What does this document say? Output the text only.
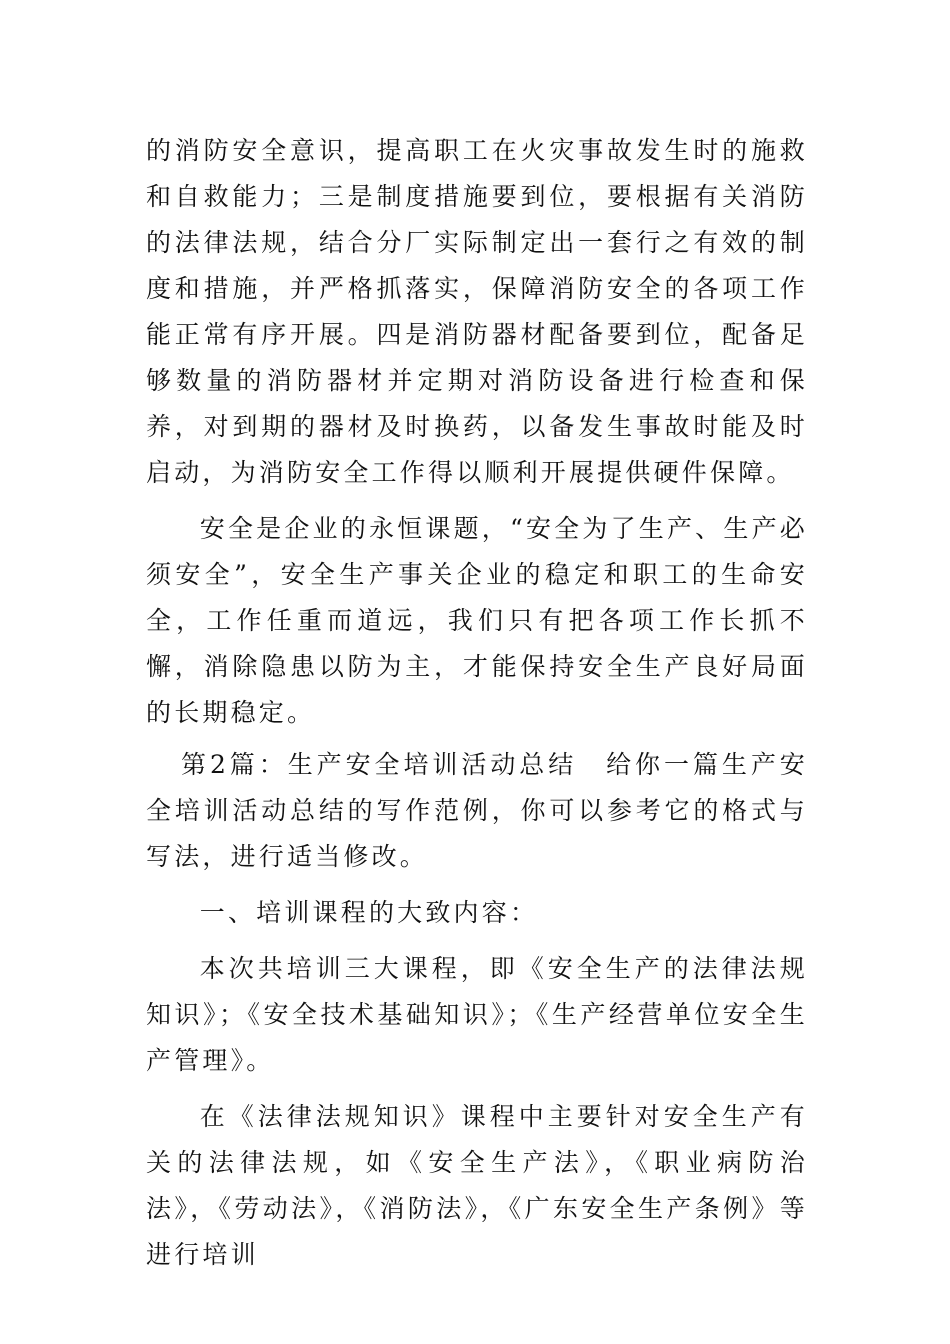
的消防安全意识，提高职工在火灾事故发生时的施救和自救能力；三是制度措施要到位，要根据有关消防的法律法规，结合分厂实际制定出一套行之有效的制度和措施，并严格抓落实，保障消防安全的各项工作能正常有序开展。四是消防器材配备要到位，配备足够数量的消防器材并定期对消防设备进行检查和保养，对到期的器材及时换药，以备发生事故时能及时启动，为消防安全工作得以顺利开展提供硬件保障。

安全是企业的永恒课题，“安全为了生产、生产必须安全”，安全生产事关企业的稳定和职工的生命安全，工作任重而道远，我们只有把各项工作长抓不懈，消除隐患以防为主，才能保持安全生产良好局面的长期稳定。

第2篇：生产安全培训活动总结　给你一篇生产安全培训活动总结的写作范例，你可以参考它的格式与写法，进行适当修改。

一、培训课程的大致内容：

本次共培训三大课程，即《安全生产的法律法规知识》；《安全技术基础知识》；《生产经营单位安全生产管理》。

在《法律法规知识》课程中主要针对安全生产有关的法律法规，如《安全生产法》，《职业病防治法》，《劳动法》，《消防法》，《广东安全生产条例》等进行培训
